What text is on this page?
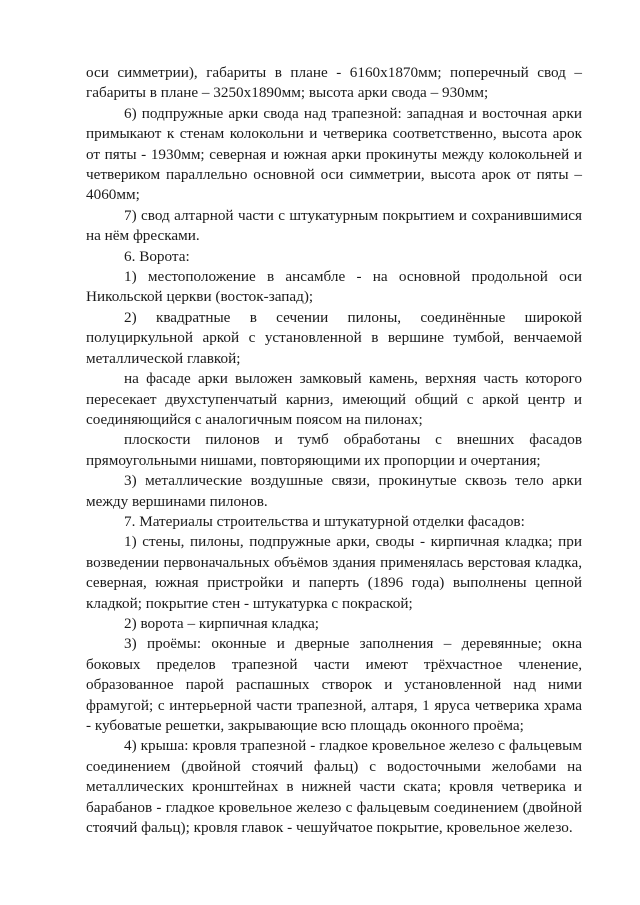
оси симметрии), габариты в плане - 6160х1870мм; поперечный свод – габариты в плане – 3250х1890мм; высота арки свода – 930мм;

6) подпружные арки свода над трапезной: западная и восточная арки примыкают к стенам колокольни и четверика соответственно, высота арок от пяты - 1930мм; северная и южная арки прокинуты между колокольней и четвериком параллельно основной оси симметрии, высота арок от пяты – 4060мм;

7) свод алтарной части с штукатурным покрытием и сохранившимися на нём фресками.

6. Ворота:

1) местоположение в ансамбле - на основной продольной оси Никольской церкви (восток-запад);

2) квадратные в сечении пилоны, соединённые широкой полуциркульной аркой с установленной в вершине тумбой, венчаемой металлической главкой;

на фасаде арки выложен замковый камень, верхняя часть которого пересекает двухступенчатый карниз, имеющий общий с аркой центр и соединяющийся с аналогичным поясом на пилонах;

плоскости пилонов и тумб обработаны с внешних фасадов прямоугольными нишами, повторяющими их пропорции и очертания;

3) металлические воздушные связи, прокинутые сквозь тело арки между вершинами пилонов.

7. Материалы строительства и штукатурной отделки фасадов:

1) стены, пилоны, подпружные арки, своды - кирпичная кладка; при возведении первоначальных объёмов здания применялась верстовая кладка, северная, южная пристройки и паперть (1896 года) выполнены цепной кладкой; покрытие стен - штукатурка с покраской;

2) ворота – кирпичная кладка;

3) проёмы: оконные и дверные заполнения – деревянные; окна боковых пределов трапезной части имеют трёхчастное членение, образованное парой распашных створок и установленной над ними фрамугой; с интерьерной части трапезной, алтаря, 1 яруса четверика храма - кубоватые решетки, закрывающие всю площадь оконного проёма;

4) крыша: кровля трапезной - гладкое кровельное железо с фальцевым соединением (двойной стоячий фальц) с водосточными желобами на металлических кронштейнах в нижней части ската; кровля четверика и барабанов - гладкое кровельное железо с фальцевым соединением (двойной стоячий фальц); кровля главок - чешуйчатое покрытие, кровельное железо.
